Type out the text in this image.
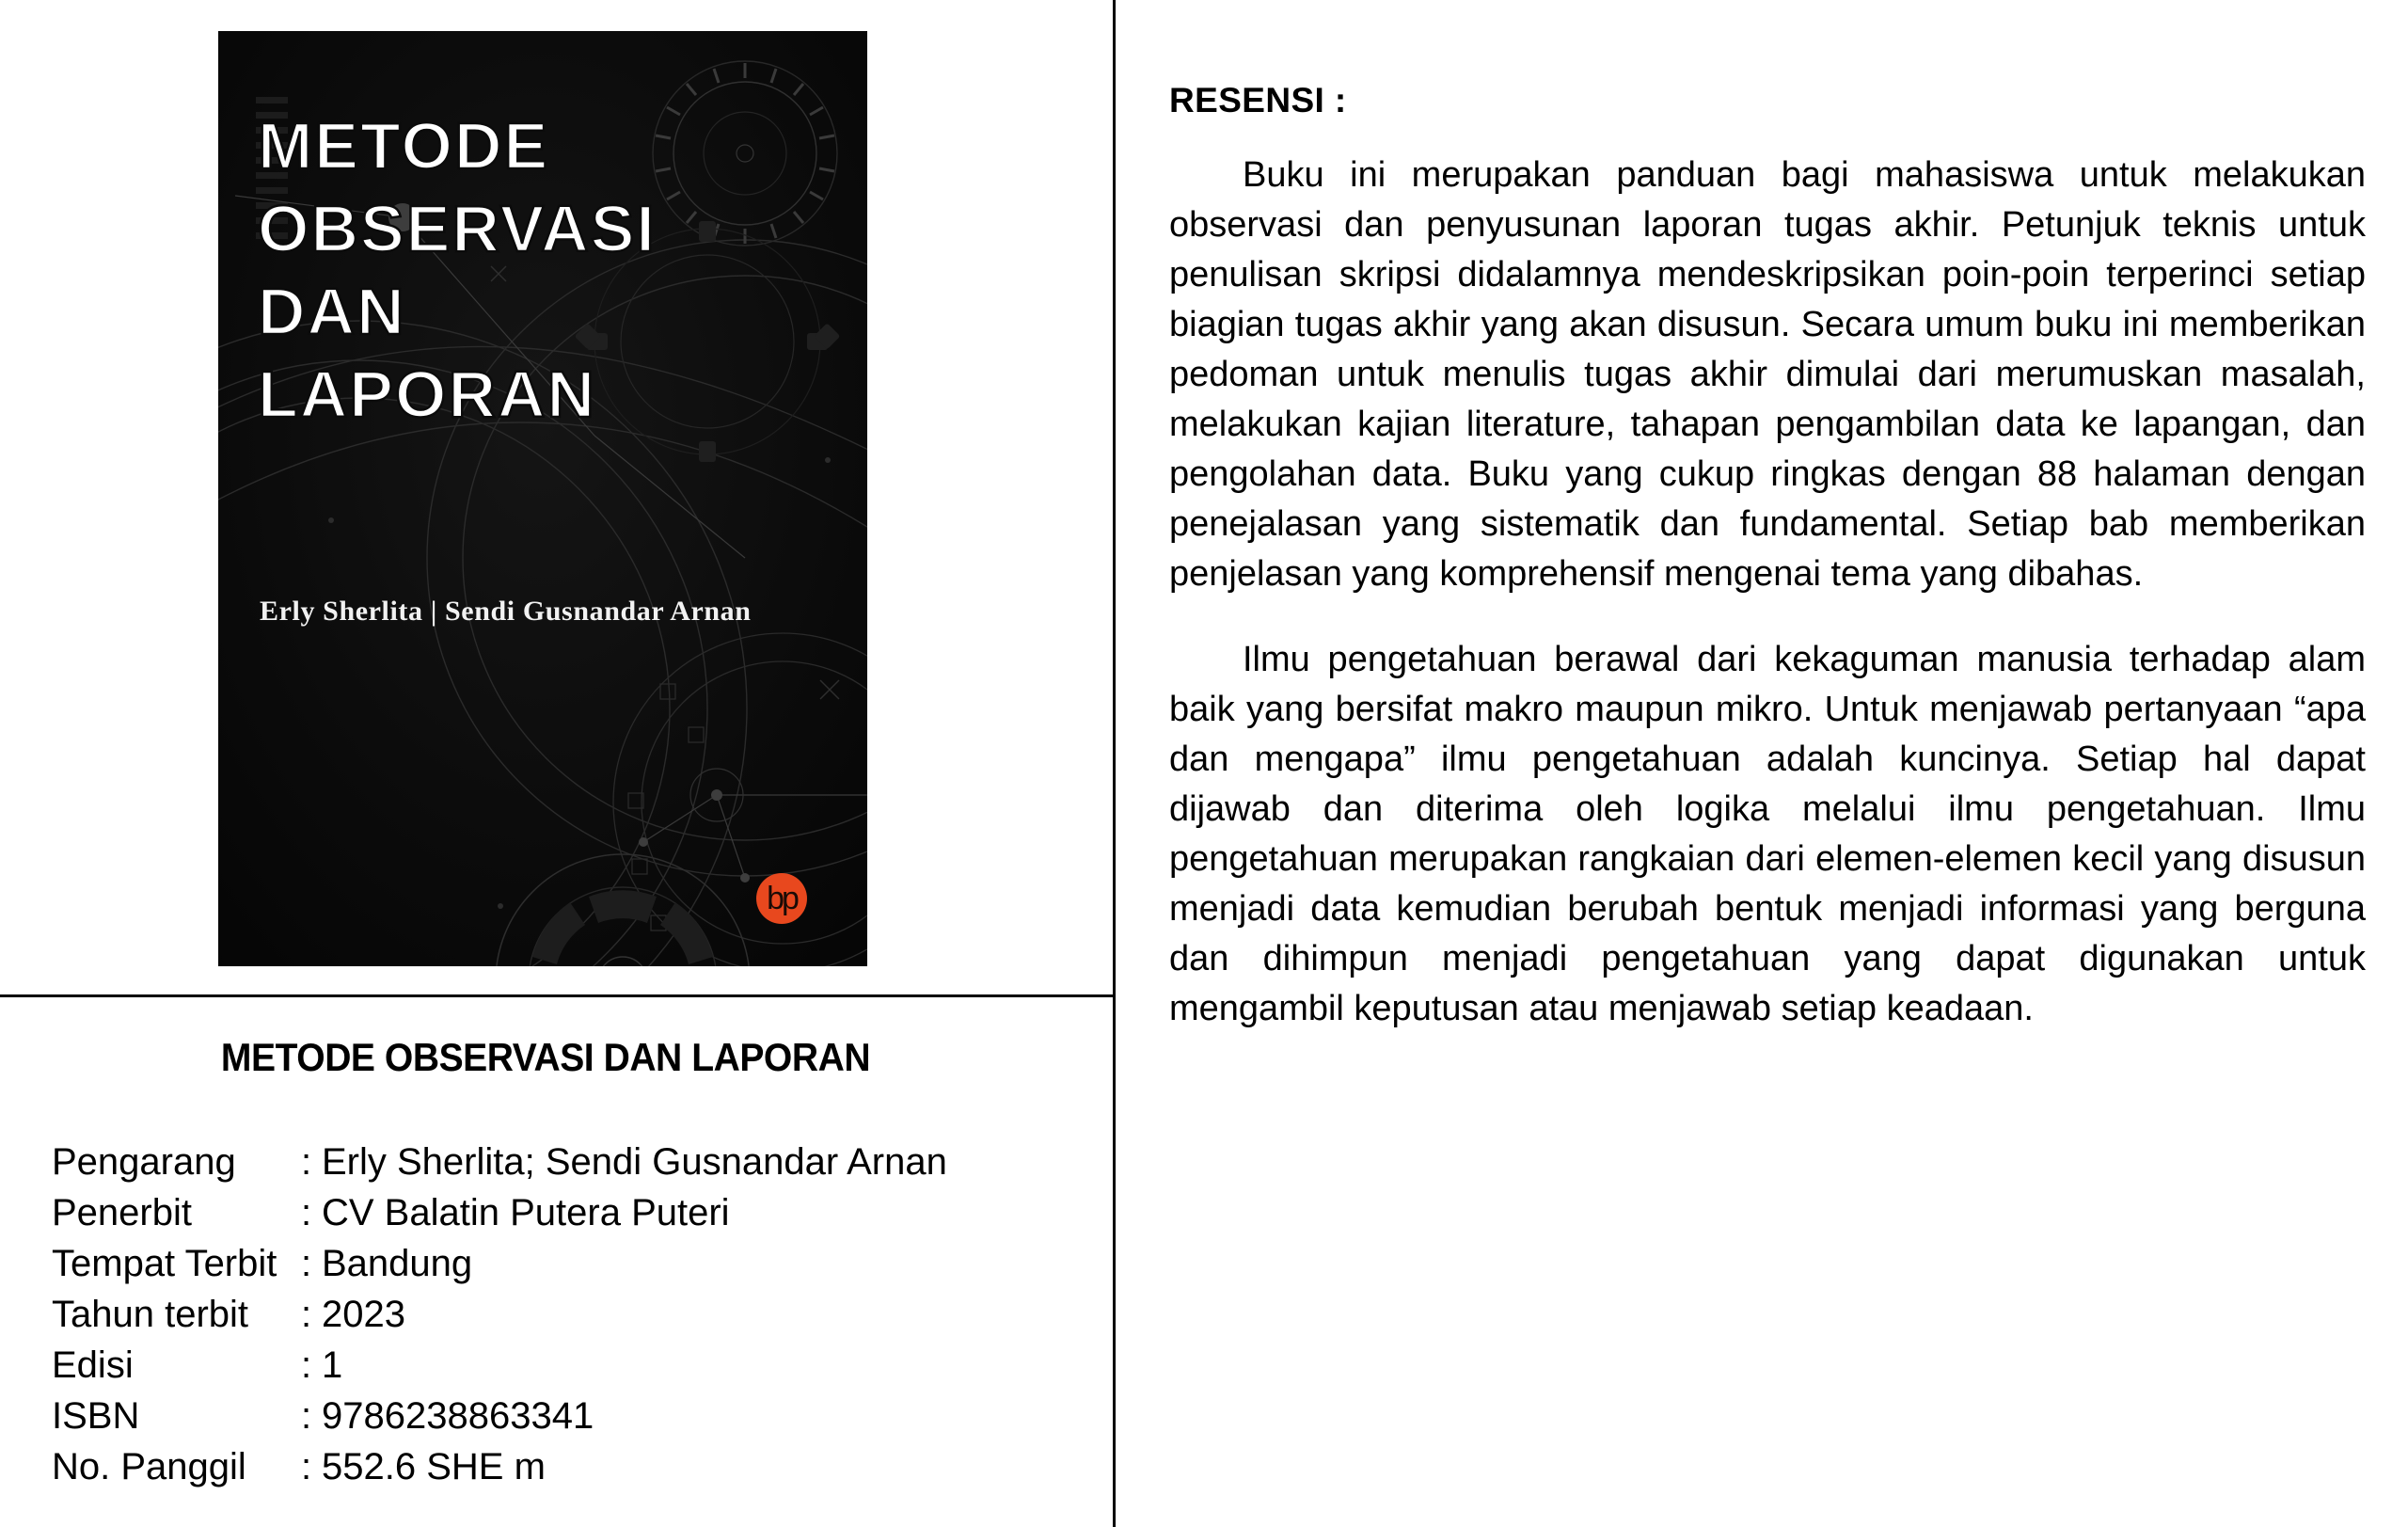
METODE METODE
OBSERVASI OBSERVASI
DAN DAN
LAPORAN LAPORAN
Erly Sherlita | Sendi Gusnandar Arnan
bp
METODE OBSERVASI DAN LAPORAN
Pengarang	:	Erly Sherlita; Sendi Gusnandar Arnan
Penerbit	:	CV Balatin Putera Puteri
Tempat Terbit	:	Bandung
Tahun terbit	:	2023
Edisi	:	1
ISBN	:	9786238863341
No. Panggil	:	552.6 SHE m
RESENSI :

Buku ini merupakan panduan bagi mahasiswa untuk melakukan observasi dan penyusunan laporan tugas akhir. Petunjuk teknis untuk penulisan skripsi didalamnya mendeskripsikan poin-poin terperinci setiap biagian tugas akhir yang akan disusun. Secara umum buku ini memberikan pedoman untuk menulis tugas akhir dimulai dari merumuskan masalah, melakukan kajian literature, tahapan pengambilan data ke lapangan, dan pengolahan data. Buku yang cukup ringkas dengan 88 halaman dengan penejalasan yang sistematik dan fundamental. Setiap bab memberikan penjelasan yang komprehensif mengenai tema yang dibahas.

Ilmu pengetahuan berawal dari kekaguman manusia terhadap alam baik yang bersifat makro maupun mikro. Untuk menjawab pertanyaan “apa dan mengapa” ilmu pengetahuan adalah kuncinya. Setiap hal dapat dijawab dan diterima oleh logika melalui ilmu pengetahuan. Ilmu pengetahuan merupakan rangkaian dari elemen-elemen kecil yang disusun menjadi data kemudian berubah bentuk menjadi informasi yang berguna dan dihimpun menjadi pengetahuan yang dapat digunakan untuk mengambil keputusan atau menjawab setiap keadaan.
